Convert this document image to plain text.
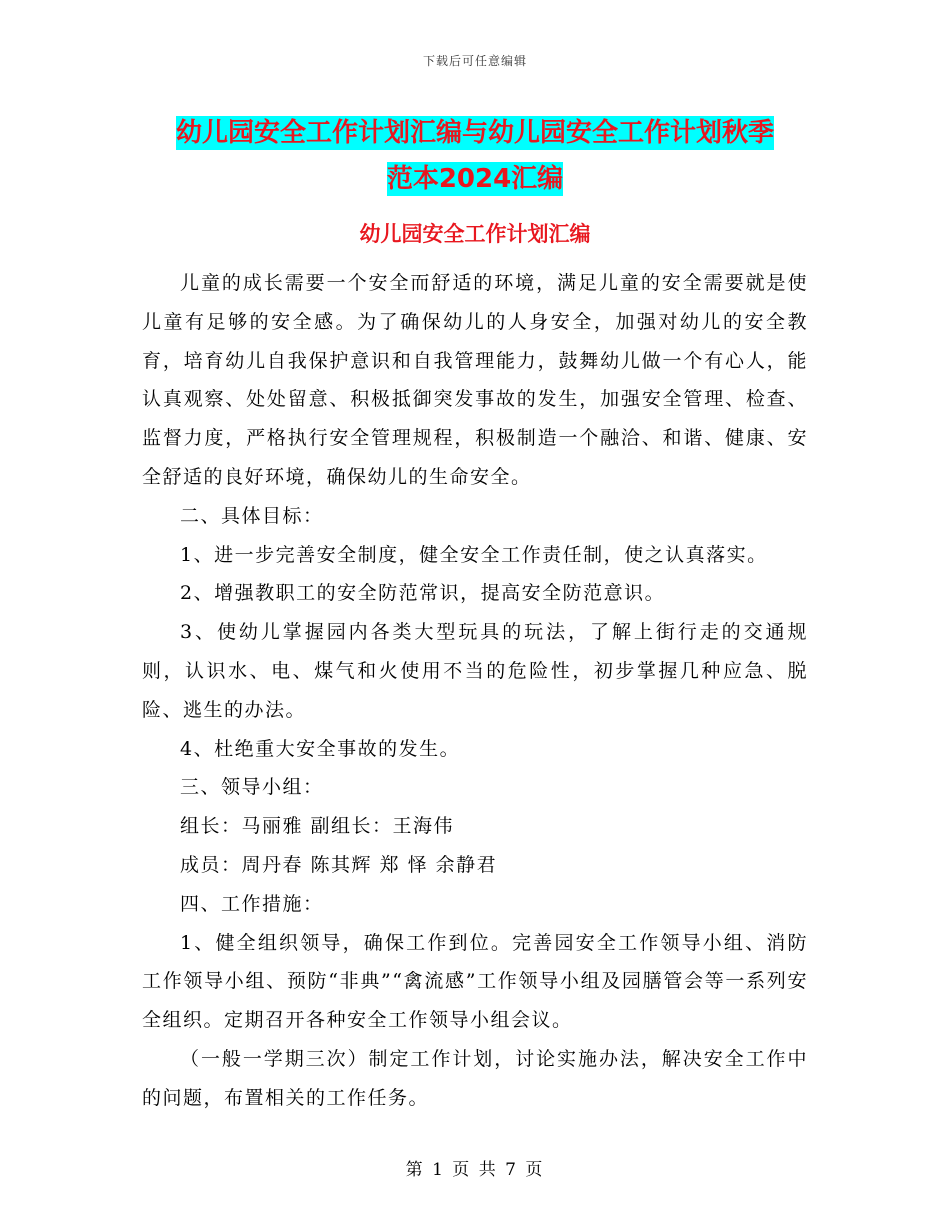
下载后可任意编辑
幼儿园安全工作计划汇编与幼儿园安全工作计划秋季
范本2024汇编
幼儿园安全工作计划汇编

儿童的成长需要一个安全而舒适的环境，满足儿童的安全需要就是使儿童有足够的安全感。为了确保幼儿的人身安全，加强对幼儿的安全教育，培育幼儿自我保护意识和自我管理能力，鼓舞幼儿做一个有心人，能认真观察、处处留意、积极抵御突发事故的发生，加强安全管理、检查、监督力度，严格执行安全管理规程，积极制造一个融洽、和谐、健康、安全舒适的良好环境，确保幼儿的生命安全。

二、具体目标：

1、进一步完善安全制度，健全安全工作责任制，使之认真落实。

2、增强教职工的安全防范常识，提高安全防范意识。

3、使幼儿掌握园内各类大型玩具的玩法，了解上街行走的交通规则，认识水、电、煤气和火使用不当的危险性，初步掌握几种应急、脱险、逃生的办法。

4、杜绝重大安全事故的发生。

三、领导小组：

组长：马丽雅 副组长：王海伟

成员：周丹春 陈其辉 郑 怿 余静君

四、工作措施：

1、健全组织领导，确保工作到位。完善园安全工作领导小组、消防工作领导小组、预防“非典”“禽流感”工作领导小组及园膳管会等一系列安全组织。定期召开各种安全工作领导小组会议。

（一般一学期三次）制定工作计划，讨论实施办法，解决安全工作中的问题，布置相关的工作任务。

第 1 页 共 7 页
